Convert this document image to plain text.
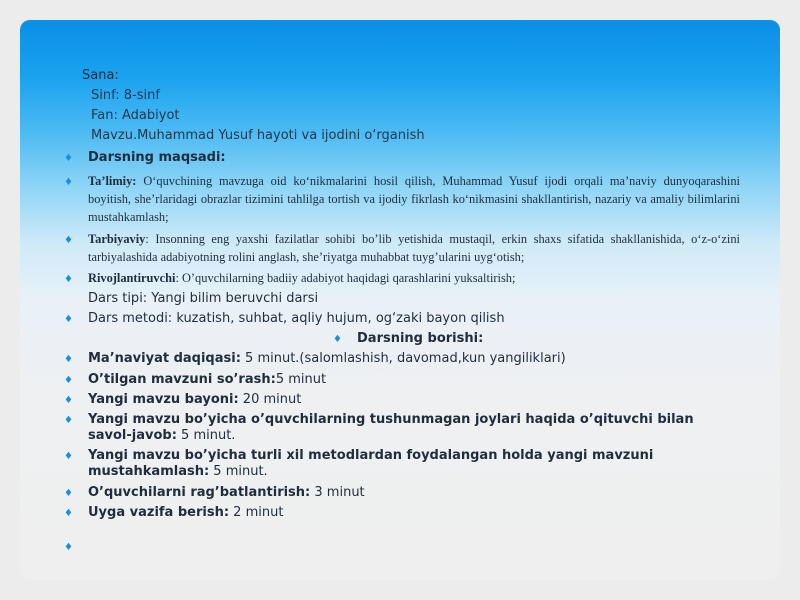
Sana:
Sinf: 8-sinf
Fan: Adabiyot
Mavzu.Muhammad Yusuf hayoti va ijodini o‘rganish
♦ Darsning maqsadi:
♦ Ta’limiy: O‘quvchining mavzuga oid ko‘nikmalarini hosil qilish, Muhammad Yusuf ijodi orqali ma’naviy dunyoqarashini boyitish, she’rlaridagi obrazlar tizimini tahlilga tortish va ijodiy fikrlash ko‘nikmasini shakllantirish, nazariy va amaliy bilimlarini mustahkamlash;
♦ Tarbiyaviy: Insonning eng yaxshi fazilatlar sohibi bo’lib yetishida mustaqil, erkin shaxs sifatida shakllanishida, o‘z-o‘zini tarbiyalashida adabiyotning rolini anglash, she’riyatga muhabbat tuyg’ularini uyg‘otish;
♦ Rivojlantiruvchi: O’quvchilarning badiiy adabiyot haqidagi qarashlarini yuksaltirish;
Dars tipi: Yangi bilim beruvchi darsi
♦ Dars metodi: kuzatish, suhbat, aqliy hujum, og‘zaki bayon qilish
♦ Darsning borishi:
♦ Ma’naviyat daqiqasi: 5 minut.(salomlashish, davomad,kun yangiliklari)
♦ O’tilgan mavzuni so’rash:5 minut
♦ Yangi mavzu bayoni: 20 minut
♦ Yangi mavzu bo’yicha o’quvchilarning tushunmagan joylari haqida o’qituvchi bilan savol-javob: 5 minut.
♦ Yangi mavzu bo’yicha turli xil metodlardan foydalangan holda yangi mavzuni mustahkamlash: 5 minut.
♦ O’quvchilarni rag’batlantirish: 3 minut
♦ Uyga vazifa berish: 2 minut
♦
